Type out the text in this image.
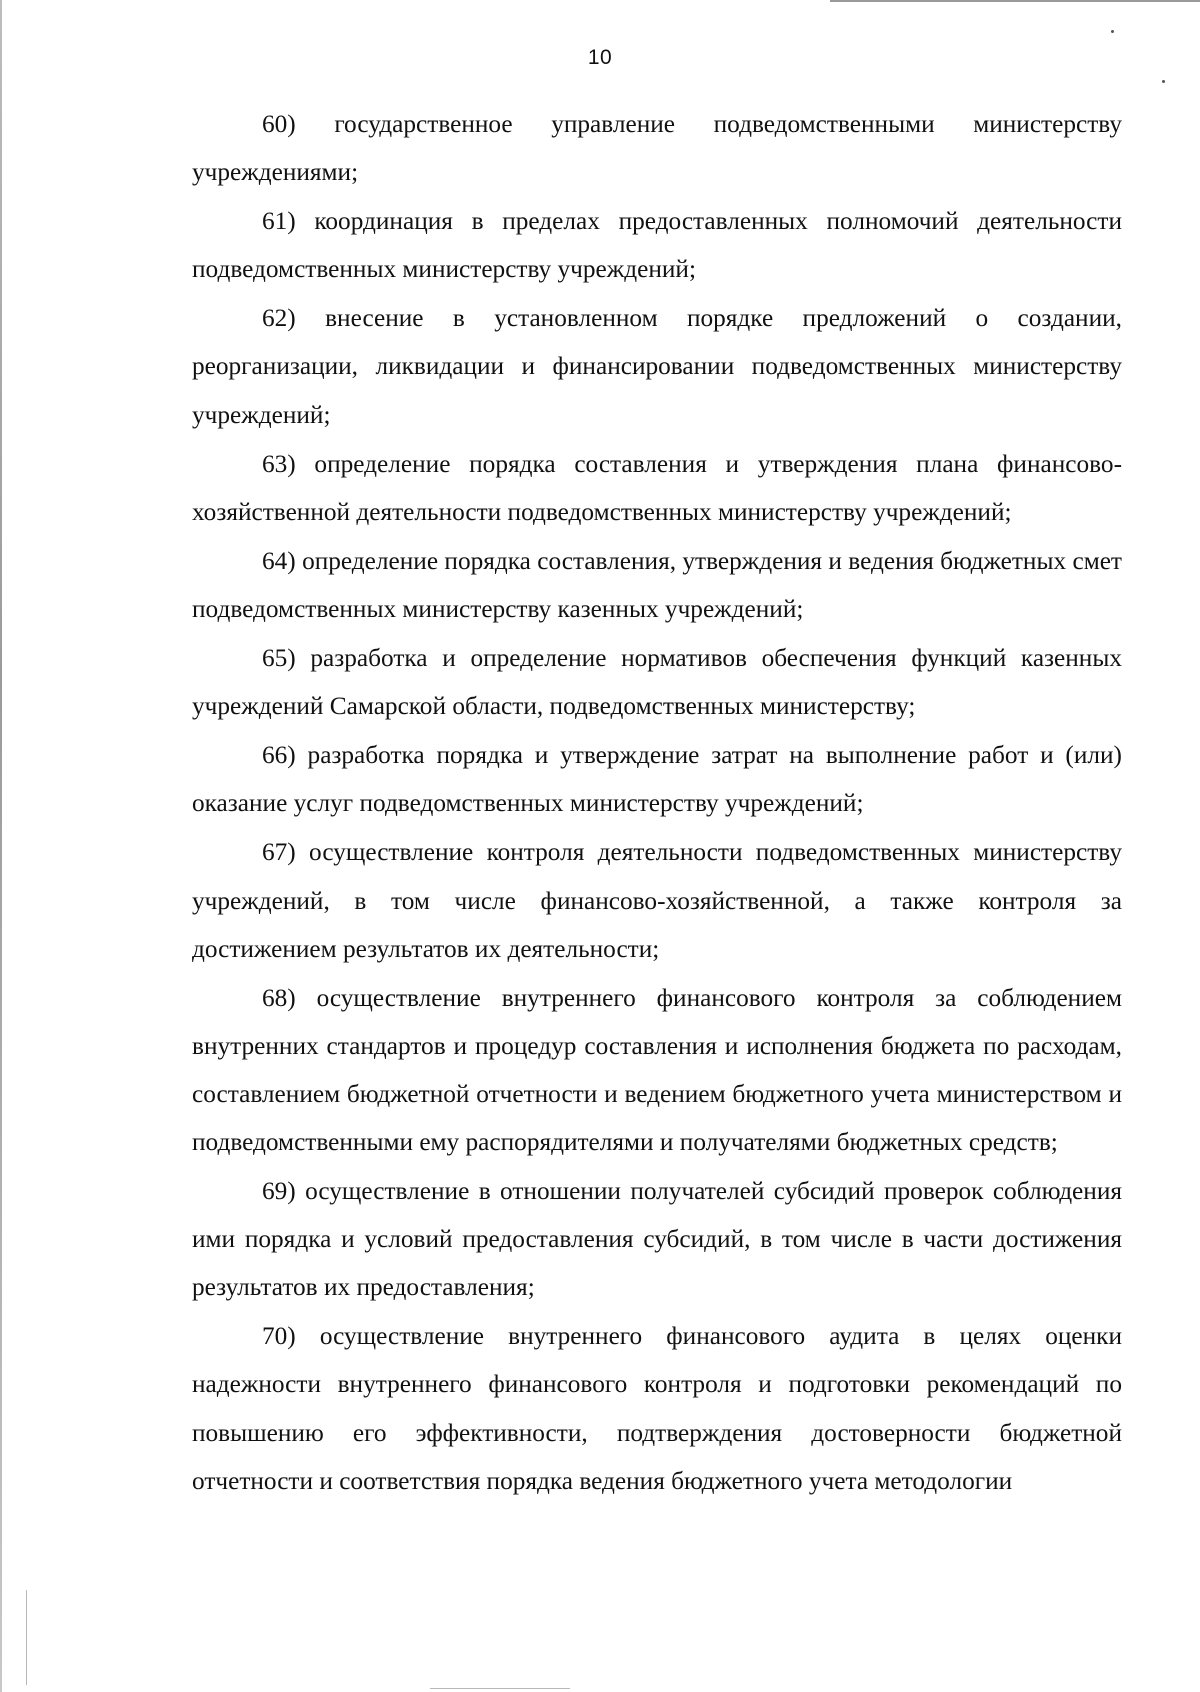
10

60) государственное управление подведомственными министерству учреждениями;

61) координация в пределах предоставленных полномочий деятельности подведомственных министерству учреждений;

62) внесение в установленном порядке предложений о создании, реорганизации, ликвидации и финансировании подведомственных министерству учреждений;

63) определение порядка составления и утверждения плана финансово-хозяйственной деятельности подведомственных министерству учреждений;

64) определение порядка составления, утверждения и ведения бюджетных смет подведомственных министерству казенных учреждений;

65) разработка и определение нормативов обеспечения функций казенных учреждений Самарской области, подведомственных министерству;

66) разработка порядка и утверждение затрат на выполнение работ и (или) оказание услуг подведомственных министерству учреждений;

67) осуществление контроля деятельности подведомственных министерству учреждений, в том числе финансово-хозяйственной, а также контроля за достижением результатов их деятельности;

68) осуществление внутреннего финансового контроля за соблюдением внутренних стандартов и процедур составления и исполнения бюджета по расходам, составлением бюджетной отчетности и ведением бюджетного учета министерством и подведомственными ему распорядителями и получателями бюджетных средств;

69) осуществление в отношении получателей субсидий проверок соблюдения ими порядка и условий предоставления субсидий, в том числе в части достижения результатов их предоставления;

70) осуществление внутреннего финансового аудита в целях оценки надежности внутреннего финансового контроля и подготовки рекомендаций по повышению его эффективности, подтверждения достоверности бюджетной отчетности и соответствия порядка ведения бюджетного учета методологии
